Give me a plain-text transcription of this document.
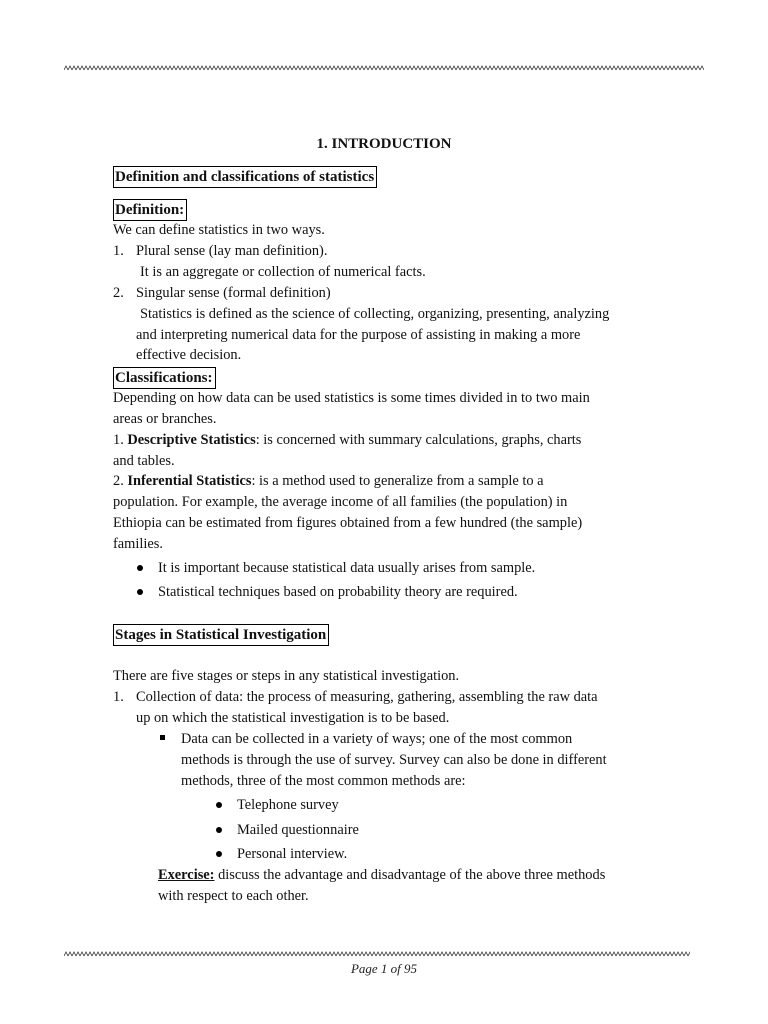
1. INTRODUCTION
Definition and classifications of statistics
Definition:
We can define statistics in two ways.
1. Plural sense (lay man definition).
It is an aggregate or collection of numerical facts.
2. Singular sense (formal definition)
Statistics is defined as the science of collecting, organizing, presenting, analyzing
and interpreting numerical data for the purpose of assisting in making a more
effective decision.
Classifications:
Depending on how data can be used statistics is some times divided in to two main
areas or branches.
1. Descriptive Statistics: is concerned with summary calculations, graphs, charts
and tables.
2. Inferential Statistics: is a method used to generalize from a sample to a
population. For example, the average income of all families (the population) in
Ethiopia can be estimated from figures obtained from a few hundred (the sample)
families.
It is important because statistical data usually arises from sample.
Statistical techniques based on probability theory are required.
Stages in Statistical Investigation
There are five stages or steps in any statistical investigation.
1. Collection of data: the process of measuring, gathering, assembling the raw data
up on which the statistical investigation is to be based.
Data can be collected in a variety of ways; one of the most common
methods is through the use of survey. Survey can also be done in different
methods, three of the most common methods are:
Telephone survey
Mailed questionnaire
Personal interview.
Exercise: discuss the advantage and disadvantage of the above three methods
with respect to each other.
Page 1 of 95
